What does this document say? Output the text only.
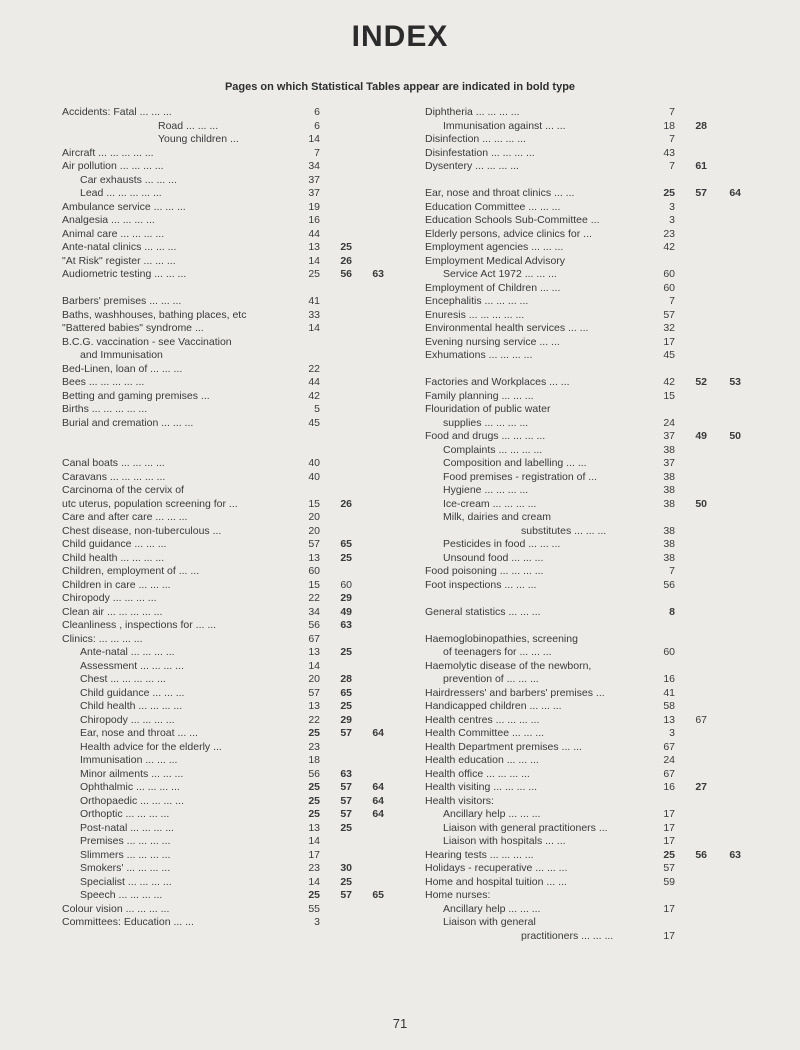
INDEX
Pages on which Statistical Tables appear are indicated in bold type
Accidents: Fatal ... ... ...	6
Road ... ... ...	6
Young children ...	14
Aircraft ... ... ... ... ...	7
Air pollution ... ... ... ...	34
Car exhausts ... ... ...	37
Lead ... ... ... ... ...	37
Ambulance service ... ... ...	19
Analgesia ... ... ... ...	16
Animal care ... ... ... ...	44
Ante-natal clinics ... ... ...	13	25
"At Risk" register ... ... ...	14	26
Audiometric testing ... ... ...	25	56	63
Barbers' premises ... ... ...	41
Baths, washhouses, bathing places, etc	33
"Battered babies" syndrome ...	14
B.C.G. vaccination - see Vaccination
and Immunisation
Bed-Linen, loan of ... ... ...	22
Bees ... ... ... ... ...	44
Betting and gaming premises ...	42
Births ... ... ... ... ...	5
Burial and cremation ... ... ...	45
Canal boats ... ... ... ...	40
Caravans ... ... ... ... ...	40
Carcinoma of the cervix of
utc uterus, population screening for ...	15	26
Care and after care ... ... ...	20
Chest disease, non-tuberculous ...	20
Child guidance ... ... ...	57	65
Child health ... ... ... ...	13	25
Children, employment of ... ...	60
Children in care ... ... ...	15	60
Chiropody ... ... ... ...	22	29
Clean air ... ... ... ... ...	34	49
Cleanliness , inspections for ... ...	56	63
Clinics: ... ... ... ...	67
Ante-natal ... ... ... ...	13	25
Assessment ... ... ... ...	14
Chest ... ... ... ... ...	20	28
Child guidance ... ... ...	57	65
Child health ... ... ... ...	13	25
Chiropody ... ... ... ...	22	29
Ear, nose and throat ... ...	25	57	64
Health advice for the elderly ...	23
Immunisation ... ... ...	18
Minor ailments ... ... ...	56	63
Ophthalmic ... ... ... ...	25	57	64
Orthopaedic ... ... ... ...	25	57	64
Orthoptic ... ... ... ...	25	57	64
Post-natal ... ... ... ...	13	25
Premises ... ... ... ...	14
Slimmers ... ... ... ...	17
Smokers' ... ... ... ...	23	30
Specialist ... ... ... ...	14	25
Speech ... ... ... ...	25	57	65
Colour vision ... ... ... ...	55
Committees: Education ... ...	3
Diphtheria ... ... ... ...	7
Immunisation against ... ...	18	28
Disinfection ... ... ... ...	7
Disinfestation ... ... ... ...	43
Dysentery ... ... ... ...	7	61
Ear, nose and throat clinics ... ...	25	57	64
Education Committee ... ... ...	3
Education Schools Sub-Committee ...	3
Elderly persons, advice clinics for ...	23
Employment agencies ... ... ...	42
Employment Medical Advisory
Service Act 1972 ... ... ...	60
Employment of Children ... ...	60
Encephalitis ... ... ... ...	7
Enuresis ... ... ... ... ...	57
Environmental health services ... ...	32
Evening nursing service ... ...	17
Exhumations ... ... ... ...	45
Factories and Workplaces ... ...	42	52	53
Family planning ... ... ...	15
Flouridation of public water
supplies ... ... ... ...	24
Food and drugs ... ... ... ...	37	49	50
Complaints ... ... ... ...	38
Composition and labelling ... ...	37
Food premises - registration of ...	38
Hygiene ... ... ... ...	38
Ice-cream ... ... ... ...	38	50
Milk, dairies and cream
substitutes ... ... ...	38
Pesticides in food ... ... ...	38
Unsound food ... ... ...	38
Food poisoning ... ... ... ...	7
Foot inspections ... ... ...	56
General statistics ... ... ...	8
Haemoglobinopathies, screening
of teenagers for ... ... ...	60
Haemolytic disease of the newborn,
prevention of ... ... ...	16
Hairdressers' and barbers' premises ...	41
Handicapped children ... ... ...	58
Health centres ... ... ... ...	13	67
Health Committee ... ... ...	3
Health Department premises ... ...	67
Health education ... ... ...	24
Health office ... ... ... ...	67
Health visiting ... ... ... ...	16	27
Health visitors:
Ancillary help ... ... ...	17
Liaison with general practitioners ...	17
Liaison with hospitals ... ...	17
Hearing tests ... ... ... ...	25	56	63
Holidays - recuperative ... ... ...	57
Home and hospital tuition ... ...	59
Home nurses:
Ancillary help ... ... ...	17
Liaison with general
practitioners ... ... ...	17
71
